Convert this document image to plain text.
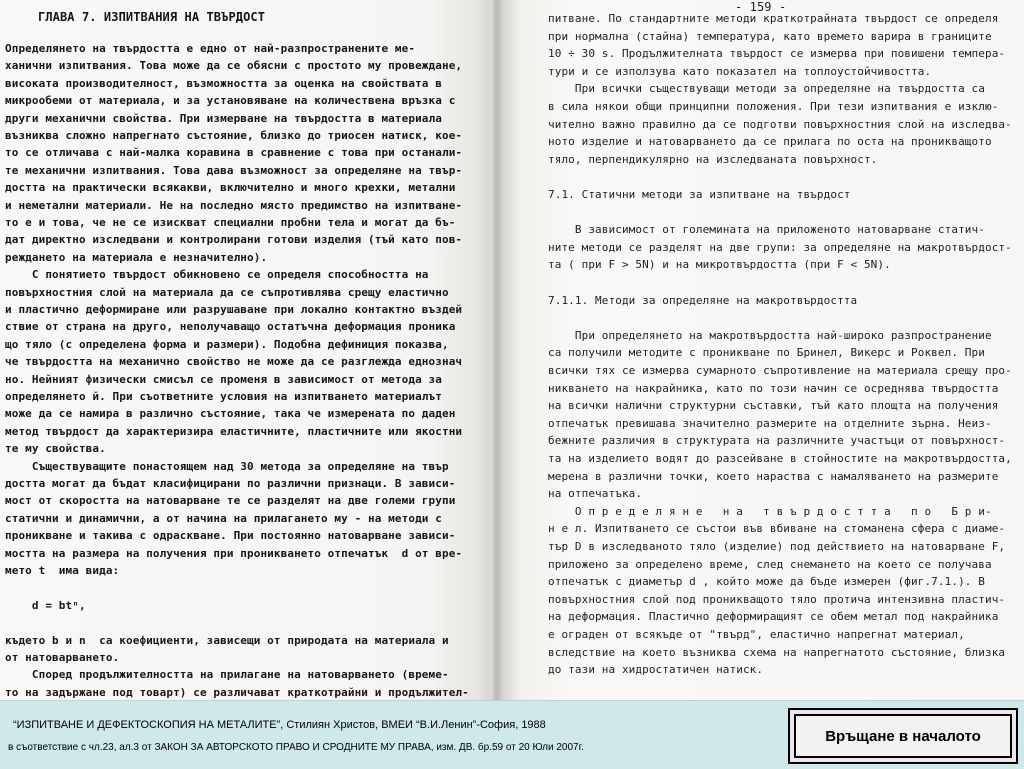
ГЛАВА 7. ИЗПИТВАНИЯ НА ТВЪРДОСТ
Определянето на твърдостта е едно от най-разпространените ме-
ханични изпитвания. Това може да се обясни с простото му провеждане,
високата производителност, възможността за оценка на свойствата в
микрообеми от материала, и за установяване на количествена връзка с
други механични свойства. При измерване на твърдостта в материала
възниква сложно напрегнато състояние, близко до триосен натиск, кое-
то се отличава с най-малка коравина в сравнение с това при останали-
те механични изпитвания. Това дава възможност за определяне на твър-
достта на практически всякакви, включително и много крехки, метални
и неметални материали. Не на последно място предимство на изпитване-
то е и това, че не се изискват специални пробни тела и могат да бъ-
дат директно изследвани и контролирани готови изделия (тъй като пов-
реждането на материала е незначително).
С понятието твърдост обикновено се определя способността на
повърхностния слой на материала да се съпротивлява срещу еластично
и пластично деформиране или разрушаване при локално контактно въздей
ствие от страна на друго, неполучаващо остатъчна деформация проника
що тяло (с определена форма и размери). Подобна дефиниция показва,
че твърдостта на механично свойство не може да се разглежда еднознач
но. Нейният физически смисъл се променя в зависимост от метода за
определянето й. При съответните условия на изпитването материалът
може да се намира в различно състояние, така че измерената по даден
метод твърдост да характеризира еластичните, пластичните или якостни
те му свойства.
Съществуващите понастоящем над 30 метода за определяне на твър
достта могат да бъдат класифицирани по различни признаци. В зависи-
мост от скоростта на натоварване те се разделят на две големи групи
статични и динамични, а от начина на прилагането му - на методи с
проникване и такива с одраскване. При постоянно натоварване зависи-
мостта на размера на получения при проникването отпечатък  d от вре-
мето t  има вида:
d = btⁿ,
където b и n  са коефициенти, зависещи от природата на материала и
от натоварването.
Според продължителността на прилагане на натоварването (време-
то на задържане под товарт) се различават краткотрайни и продължител-
- 159 -
питване. По стандартните методи краткотрайната твърдост се определя
при нормална (стайна) температура, като времето варира в границите
10 ÷ 30 s. Продължителната твърдост се измерва при повишени темпера-
тури и се използува като показател на топлоустойчивостта.
При всички съществуващи методи за определяне на твърдостта са
в сила някои общи принципни положения. При тези изпитвания е изклю-
чително важно правилно да се подготви повърхностния слой на изследва-
ното изделие и натоварването да се прилага по оста на проникващото
тяло, перпендикулярно на изследваната повърхност.
7.1. Статични методи за изпитване на твърдост
В зависимост от големината на приложеното натоварване статич-
ните методи се разделят на две групи: за определяне на макротвърдост-
та ( при F > 5N) и на микротвърдостта (при F < 5N).
7.1.1. Методи за определяне на макротвърдостта
При определянето на макротвърдостта най-широко разпространение
са получили методите с проникване по Бринел, Викерс и Роквел. При
всички тях се измерва сумарното съпротивление на материала срещу про-
никването на накрайника, като по този начин се осреднява твърдостта
на всички налични структурни съставки, тъй като площта на получения
отпечатък превишава значително размерите на отделните зърна. Неиз-
бежните различия в структурата на различните участъци от повърхност-
та на изделието водят до разсейване в стойностите на макротвърдостта,
мерена в различни точки, което нараства с намаляването на размерите
на отпечатъка.
О п р е д е л я н е   н а   т в ъ р д о с т т а   п о   Б р и-
н е л. Изпитването се състои във вбиване на стоманена сфера с диаме-
тър D в изследваното тяло (изделие) под действието на натоварване F,
приложено за определено време, след снемането на което се получава
отпечатък с диаметър d , който може да бъде измерен (фиг.7.1.). В
повърхностния слой под проникващото тяло протича интензивна пластич-
на деформация. Пластично деформиращият се обем метал под накрайника
е ограден от всякъде от "твърд", еластично напрегнат материал,
вследствие на което възниква схема на напрегнатото състояние, близка
до тази на хидростатичен натиск.
“ИЗПИТВАНЕ И ДЕФЕКТОСКОПИЯ НА МЕТАЛИТЕ”, Стилиян Христов, ВМЕИ “В.И.Ленин”-София, 1988
в съответствие с чл.23, ал.3 от ЗАКОН ЗА АВТОРСКОТО ПРАВО И СРОДНИТЕ МУ ПРАВА, изм. ДВ. бр.59 от 20 Юли 2007г.
Връщане в началото
